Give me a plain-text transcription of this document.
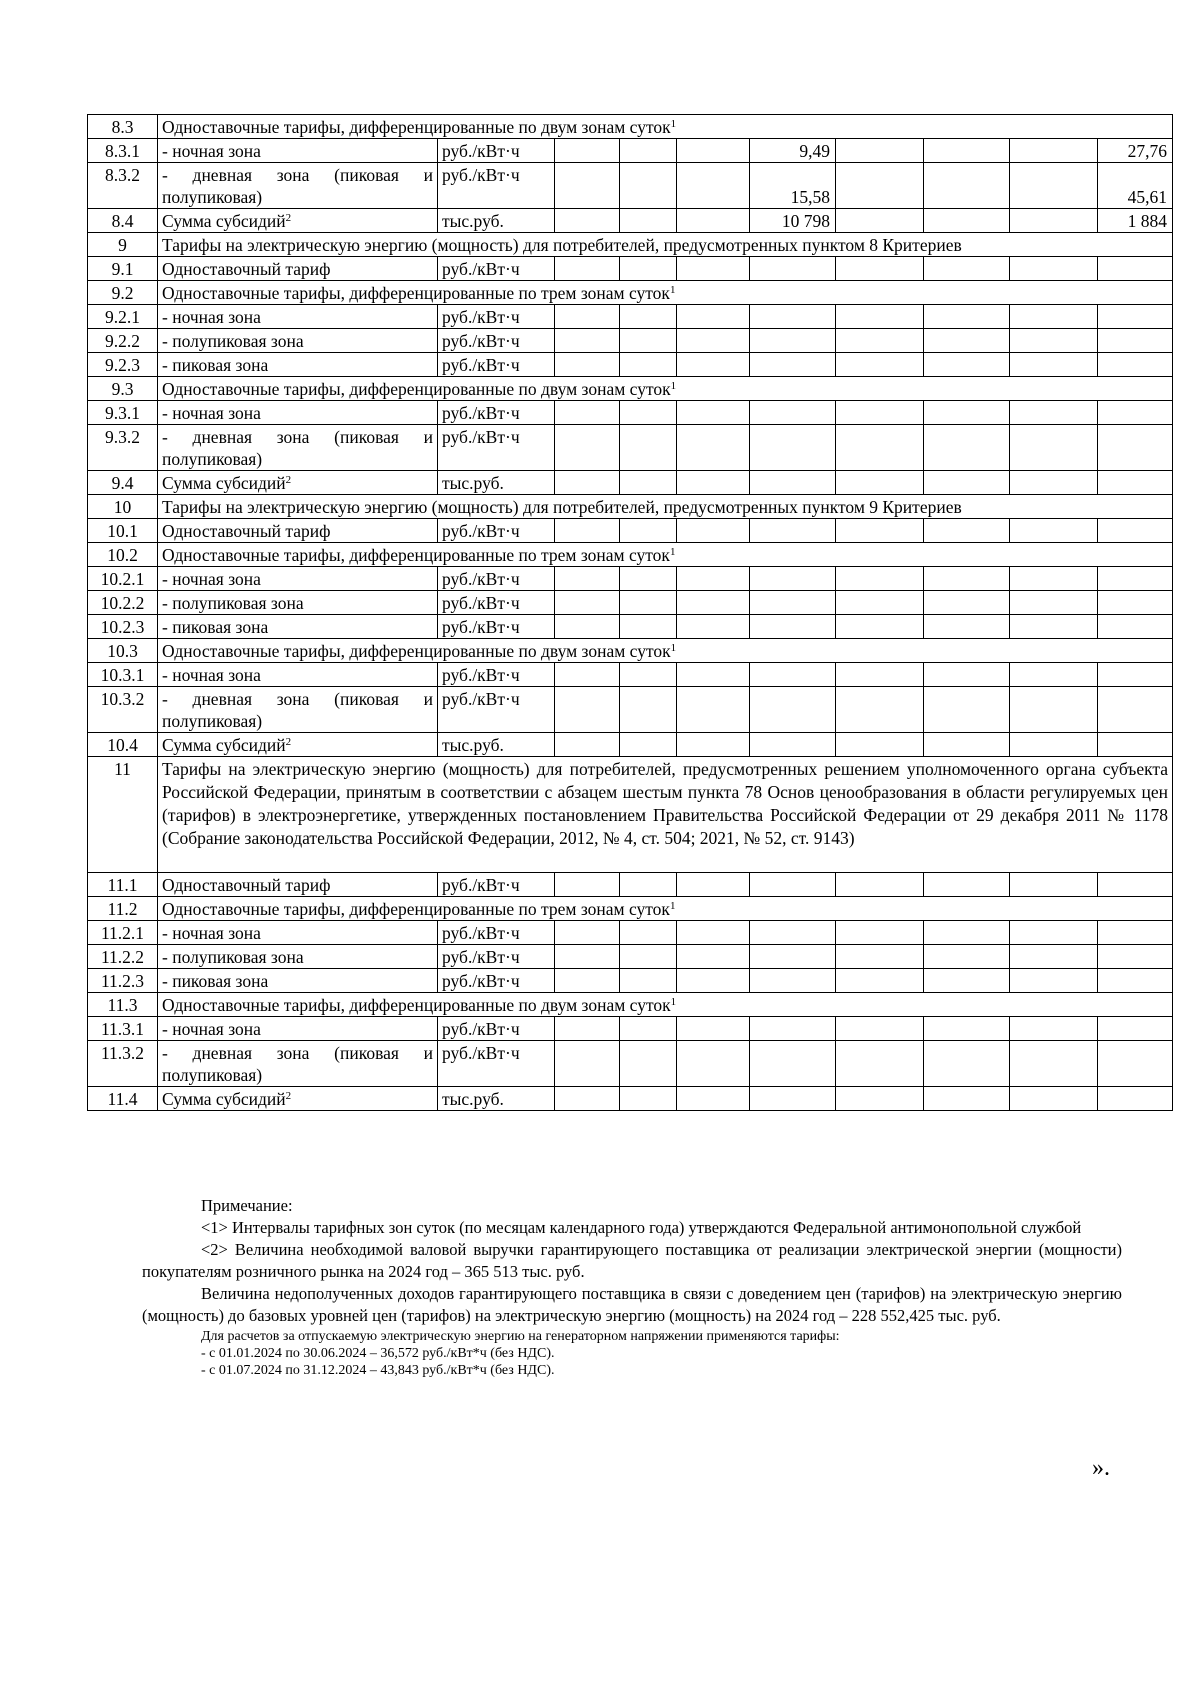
8.3	Одноставочные тарифы, дифференцированные по двум зонам суток$^1$
8.3.1	- ночная зона	руб./кВт·ч				9,49				27,76
8.3.2	- дневная зона (пиковая и полупиковая)	руб./кВт·ч				15,58				45,61
8.4	Сумма субсидий$^2$	тыс.руб.				10 798				1 884
9	Тарифы на электрическую энергию (мощность) для потребителей, предусмотренных пунктом 8 Критериев									
9.1	Одноставочный тариф	руб./кВт·ч								
9.2	Одноставочные тарифы, дифференцированные по трем зонам суток$^1$
9.2.1	- ночная зона	руб./кВт·ч								
9.2.2	- полупиковая зона	руб./кВт·ч								
9.2.3	- пиковая зона	руб./кВт·ч								
9.3	Одноставочные тарифы, дифференцированные по двум зонам суток$^1$
9.3.1	- ночная зона	руб./кВт·ч								
9.3.2	- дневная зона (пиковая и полупиковая)	руб./кВт·ч								
9.4	Сумма субсидий$^2$	тыс.руб.								
10	Тарифы на электрическую энергию (мощность) для потребителей, предусмотренных пунктом 9 Критериев									
10.1	Одноставочный тариф	руб./кВт·ч								
10.2	Одноставочные тарифы, дифференцированные по трем зонам суток$^1$
10.2.1	- ночная зона	руб./кВт·ч								
10.2.2	- полупиковая зона	руб./кВт·ч								
10.2.3	- пиковая зона	руб./кВт·ч								
10.3	Одноставочные тарифы, дифференцированные по двум зонам суток$^1$
10.3.1	- ночная зона	руб./кВт·ч								
10.3.2	- дневная зона (пиковая и полупиковая)	руб./кВт·ч								
10.4	Сумма субсидий$^2$	тыс.руб.								
11	Тарифы на электрическую энергию (мощность) для потребителей, предусмотренных решением уполномоченного органа субъекта Российской Федерации, принятым в соответствии с абзацем шестым пункта 78 Основ ценообразования в области регулируемых цен (тарифов) в электроэнергетике, утвержденных постановлением Правительства Российской Федерации от 29 декабря 2011 № 1178 (Собрание законодательства Российской Федерации, 2012, № 4, ст. 504; 2021, № 52, ст. 9143)									
11.1	Одноставочный тариф	руб./кВт·ч								
11.2	Одноставочные тарифы, дифференцированные по трем зонам суток$^1$
11.2.1	- ночная зона	руб./кВт·ч								
11.2.2	- полупиковая зона	руб./кВт·ч								
11.2.3	- пиковая зона	руб./кВт·ч								
11.3	Одноставочные тарифы, дифференцированные по двум зонам суток$^1$
11.3.1	- ночная зона	руб./кВт·ч								
11.3.2	- дневная зона (пиковая и полупиковая)	руб./кВт·ч								
11.4	Сумма субсидий$^2$	тыс.руб.								

Примечание:

<1> Интервалы тарифных зон суток (по месяцам календарного года) утверждаются Федеральной антимонопольной службой

<2> Величина необходимой валовой выручки гарантирующего поставщика от реализации электрической энергии (мощности) покупателям розничного рынка на 2024 год – 365 513 тыс. руб.

Величина недополученных доходов гарантирующего поставщика в связи с доведением цен (тарифов) на электрическую энергию (мощность) до базовых уровней цен (тарифов) на электрическую энергию (мощность) на 2024 год – 228 552,425 тыс. руб.

Для расчетов за отпускаемую электрическую энергию на генераторном напряжении применяются тарифы:

- с 01.01.2024 по 30.06.2024 – 36,572 руб./кВт*ч (без НДС).

- с 01.07.2024 по 31.12.2024 – 43,843 руб./кВт*ч (без НДС).

».
